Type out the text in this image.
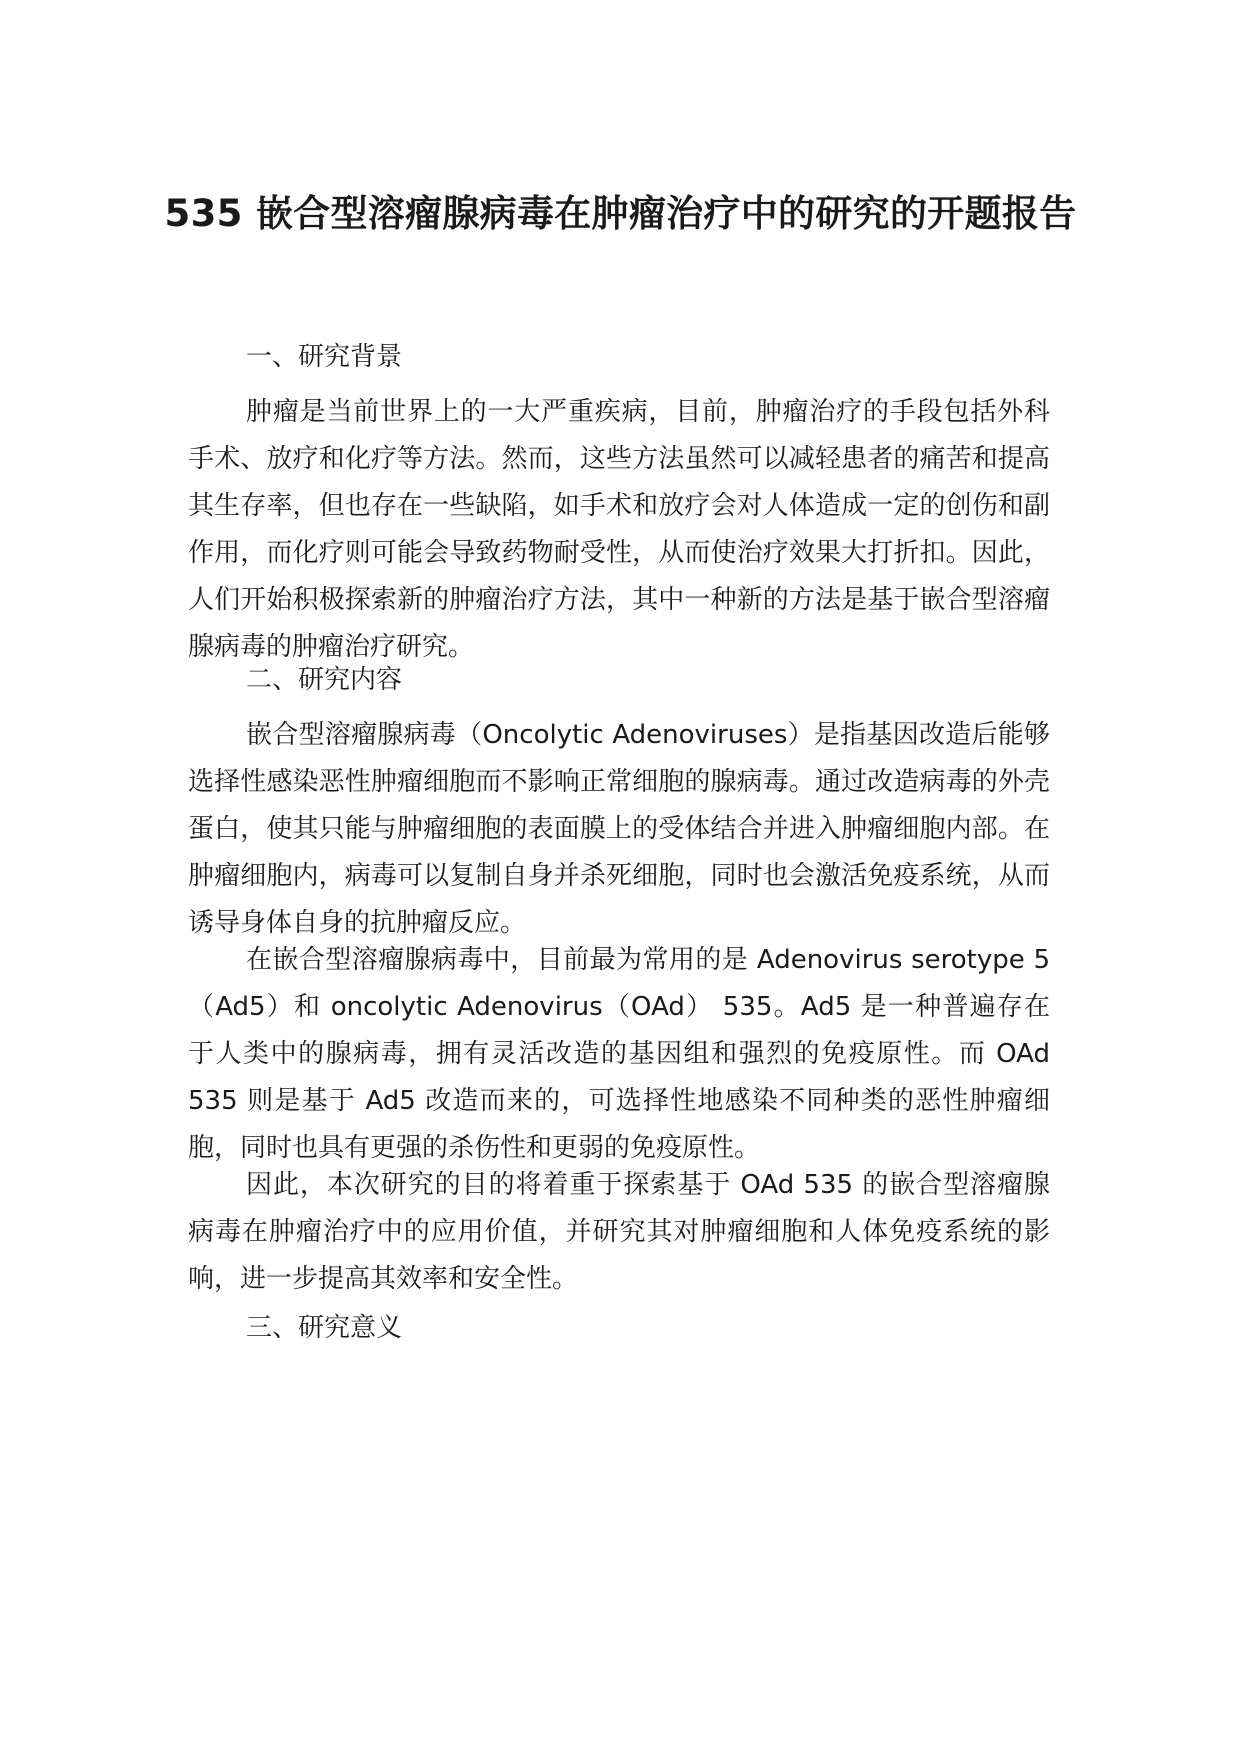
535 嵌合型溶瘤腺病毒在肿瘤治疗中的研究的开题报告
一、研究背景

肿瘤是当前世界上的一大严重疾病，目前，肿瘤治疗的手段包括外科手术、放疗和化疗等方法。然而，这些方法虽然可以减轻患者的痛苦和提高其生存率，但也存在一些缺陷，如手术和放疗会对人体造成一定的创伤和副作用，而化疗则可能会导致药物耐受性，从而使治疗效果大打折扣。因此，人们开始积极探索新的肿瘤治疗方法，其中一种新的方法是基于嵌合型溶瘤腺病毒的肿瘤治疗研究。

二、研究内容

嵌合型溶瘤腺病毒（Oncolytic Adenoviruses）是指基因改造后能够选择性感染恶性肿瘤细胞而不影响正常细胞的腺病毒。通过改造病毒的外壳蛋白，使其只能与肿瘤细胞的表面膜上的受体结合并进入肿瘤细胞内部。在肿瘤细胞内，病毒可以复制自身并杀死细胞，同时也会激活免疫系统，从而诱导身体自身的抗肿瘤反应。

在嵌合型溶瘤腺病毒中，目前最为常用的是 Adenovirus serotype 5（Ad5）和 oncolytic Adenovirus（OAd） 535。Ad5 是一种普遍存在于人类中的腺病毒，拥有灵活改造的基因组和强烈的免疫原性。而 OAd 535 则是基于 Ad5 改造而来的，可选择性地感染不同种类的恶性肿瘤细胞，同时也具有更强的杀伤性和更弱的免疫原性。

因此，本次研究的目的将着重于探索基于 OAd 535 的嵌合型溶瘤腺病毒在肿瘤治疗中的应用价值，并研究其对肿瘤细胞和人体免疫系统的影响，进一步提高其效率和安全性。

三、研究意义
